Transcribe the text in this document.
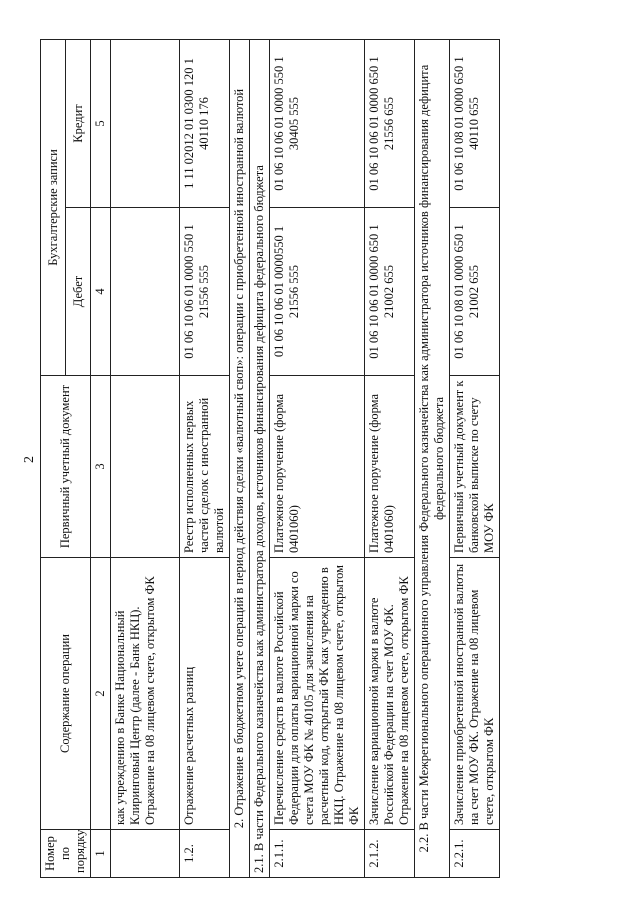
2
Номер по порядку	Содержание операции	Первичный учетный документ	Бухгалтерские записи	
			Дебет	Кредит
1	2	3	4	5
	как учреждению в Банке Национальный Клиринговый Центр (далее - Банк НКЦ). Отражение на 08 лицевом счете, открытом ФК			
1.2.	Отражение расчетных разниц	Реестр исполненных первых частей сделок с иностранной валютой	01 06 10 06 01 0000 550 1 21556 555	1 11 02012 01 0300 120 1 40110 176
2. Отражение в бюджетном учете операций в период действия сделки «валютный своп»: операции с приобретенной иностранной валютой				
2.1. В части Федерального казначейства как администратора доходов, источников финансирования дефицита федерального бюджета				
2.1.1.	Перечисление средств в валюте Российской Федерации для оплаты вариационной маржи со счета МОУ ФК № 40105 для зачисления на расчетный код, открытый ФК как учреждению в НКЦ. Отражение на 08 лицевом счете, открытом ФК	Платежное поручение (форма 0401060)	01 06 10 06 01 0000550 1 21556 555	01 06 10 06 01 0000 550 1 30405 555
2.1.2.	Зачисление вариационной маржи в валюте Российской Федерации на счет МОУ ФК. Отражение на 08 лицевом счете, открытом ФК	Платежное поручение (форма 0401060)	01 06 10 06 01 0000 650 1 21002 655	01 06 10 06 01 0000 650 1 21556 655
2.2. В части Межрегионального операционного управления Федерального казначейства как администратора источников финансирования дефицита федерального бюджета				
2.2.1.	Зачисление приобретенной иностранной валюты на счет МОУ ФК. Отражение на 08 лицевом счете, открытом ФК	Первичный учетный документ к банковской выписке по счету МОУ ФК	01 06 10 08 01 0000 650 1 21002 655	01 06 10 08 01 0000 650 1 40110 655
